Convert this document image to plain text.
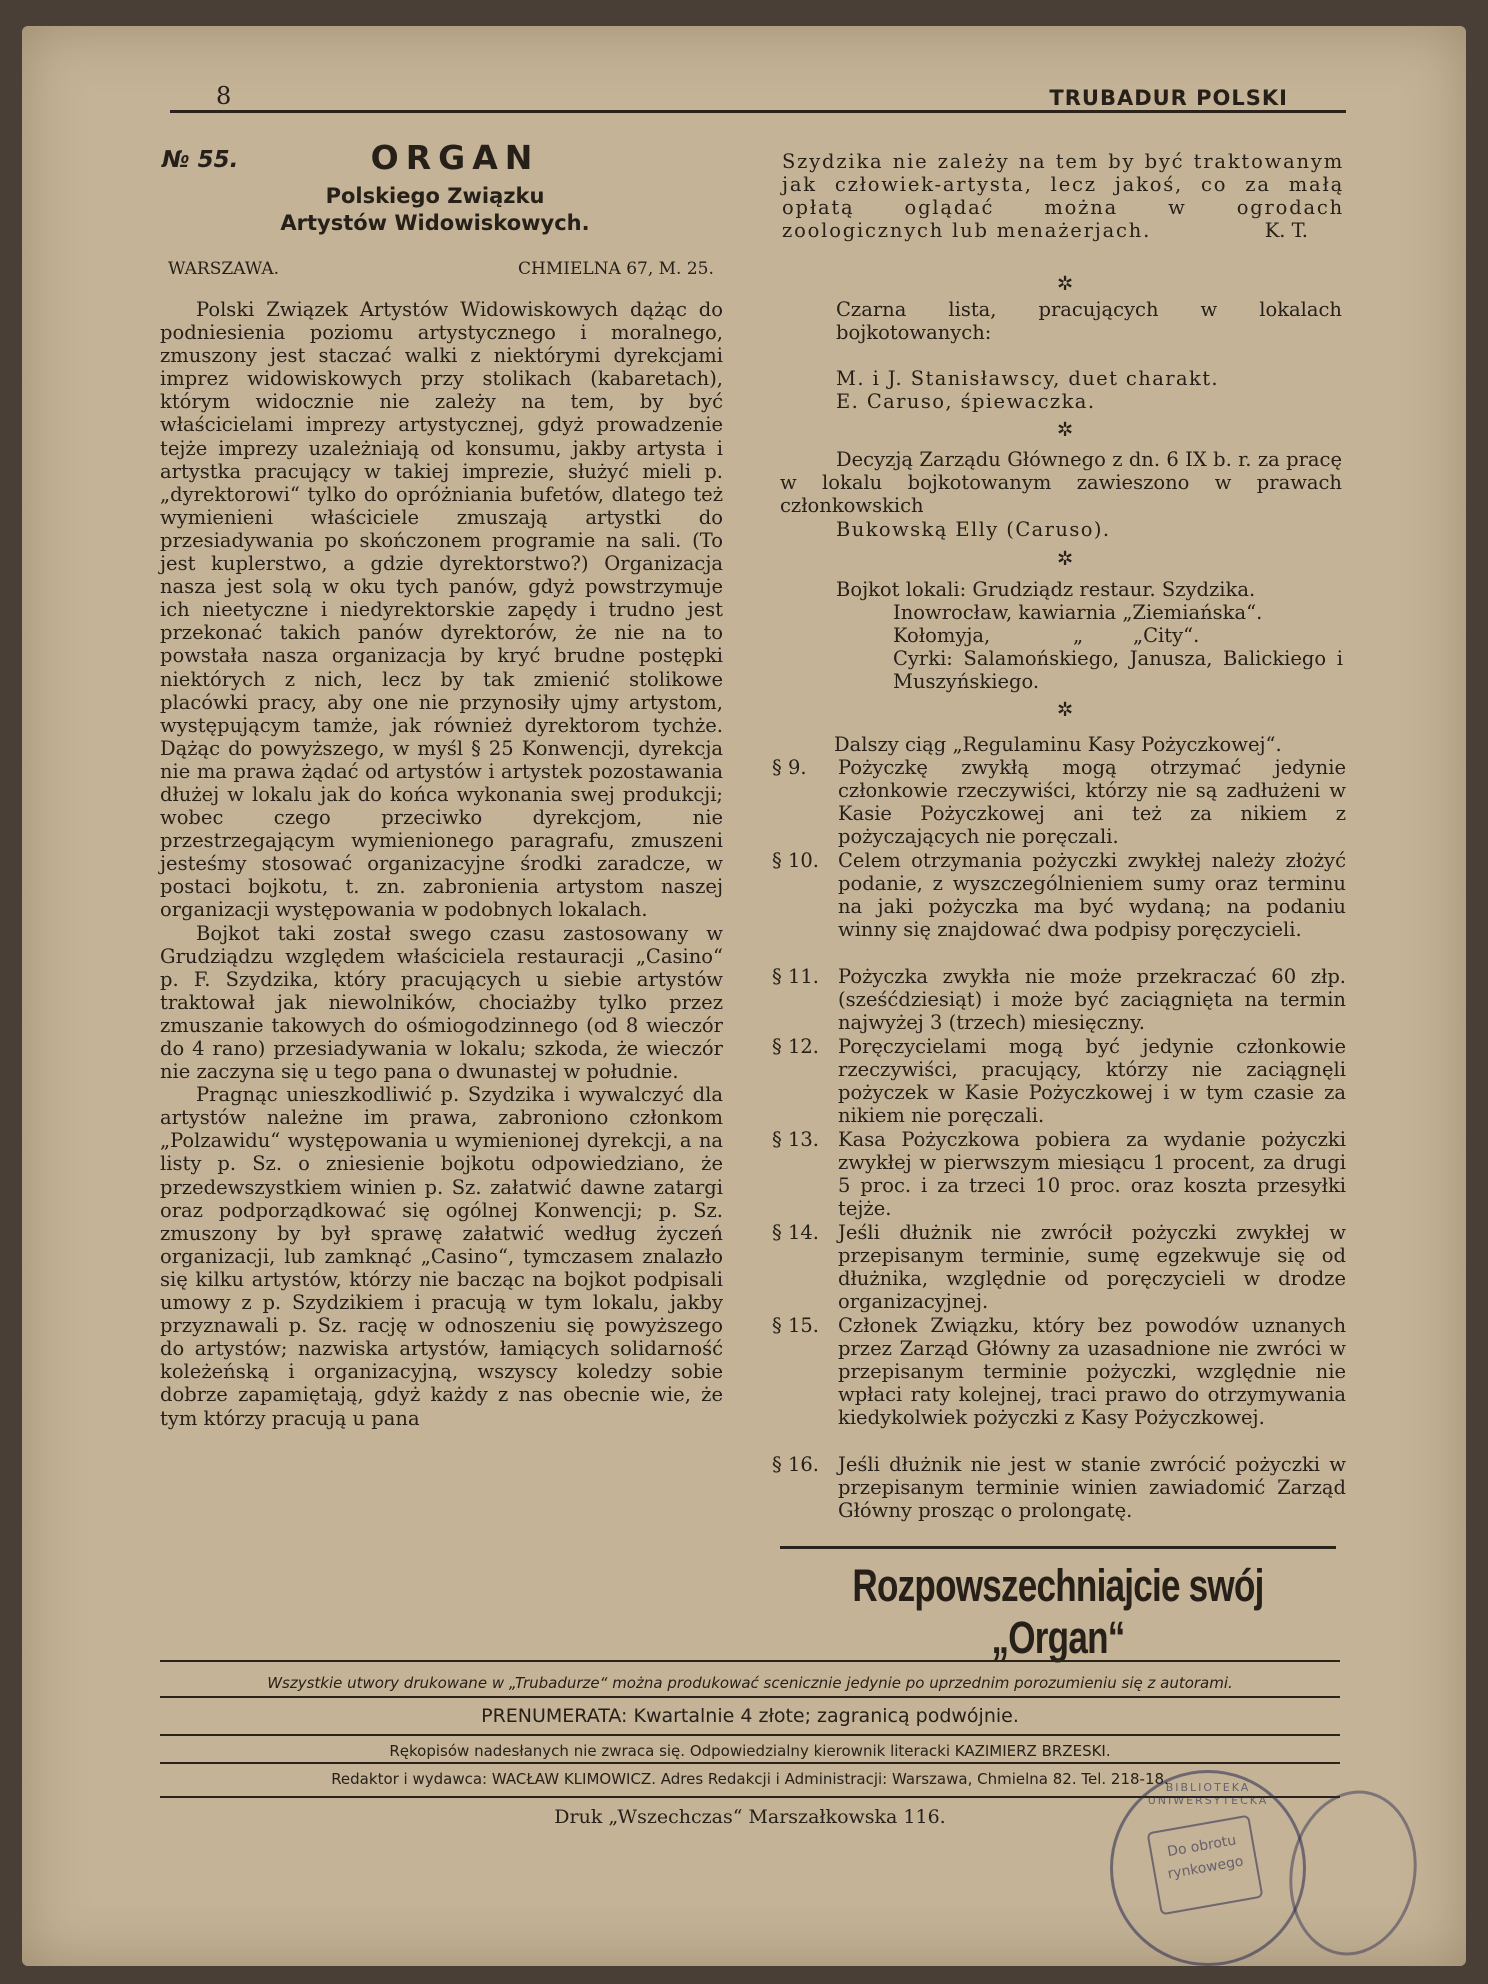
8	TRUBADUR POLSKI
№ 55.	ORGAN
Polskiego Związku
Artystów Widowiskowych.
WARSZAWA.	CHMIELNA 67, M. 25.

Polski Związek Artystów Widowiskowych dążąc do podniesienia poziomu artystycznego i moralnego, zmuszony jest staczać walki z niektórymi dyrekcjami imprez widowiskowych przy stolikach (kabaretach), którym widocznie nie zależy na tem, by być właścicielami imprezy artystycznej, gdyż prowadzenie tejże imprezy uzależniają od konsumu, jakby artysta i artystka pracujący w takiej imprezie, służyć mieli p. „dyrektorowi“ tylko do opróżniania bufetów, dlatego też wymienieni właściciele zmuszają artystki do przesiadywania po skończonem programie na sali. (To jest kuplerstwo, a gdzie dyrektorstwo?) Organizacja nasza jest solą w oku tych panów, gdyż powstrzymuje ich nieetyczne i niedyrektorskie zapędy i trudno jest przekonać takich panów dyrektorów, że nie na to powstała nasza organizacja by kryć brudne postępki niektórych z nich, lecz by tak zmienić stolikowe placówki pracy, aby one nie przynosiły ujmy artystom, występującym tamże, jak również dyrektorom tychże. Dążąc do powyższego, w myśl § 25 Konwencji, dyrekcja nie ma prawa żądać od artystów i artystek pozostawania dłużej w lokalu jak do końca wykonania swej produkcji; wobec czego przeciwko dyrekcjom, nie przestrzegającym wymienionego paragrafu, zmuszeni jesteśmy stosować organizacyjne środki zaradcze, w postaci bojkotu, t. zn. zabronienia artystom naszej organizacji występowania w podobnych lokalach.

Bojkot taki został swego czasu zastosowany w Grudziądzu względem właściciela restauracji „Casino“ p. F. Szydzika, który pracujących u siebie artystów traktował jak niewolników, chociażby tylko przez zmuszanie takowych do ośmiogodzinnego (od 8 wieczór do 4 rano) przesiadywania w lokalu; szkoda, że wieczór nie zaczyna się u tego pana o dwunastej w południe.

Pragnąc unieszkodliwić p. Szydzika i wywalczyć dla artystów należne im prawa, zabroniono członkom „Polzawidu“ występowania u wymienionej dyrekcji, a na listy p. Sz. o zniesienie bojkotu odpowiedziano, że przedewszystkiem winien p. Sz. załatwić dawne zatargi oraz podporządkować się ogólnej Konwencji; p. Sz. zmuszony by był sprawę załatwić według życzeń organizacji, lub zamknąć „Casino“, tymczasem znalazło się kilku artystów, którzy nie bacząc na bojkot podpisali umowy z p. Szydzikiem i pracują w tym lokalu, jakby przyznawali p. Sz. rację w odnoszeniu się powyższego do artystów; nazwiska artystów, łamiących solidarność koleżeńską i organizacyjną, wszyscy koledzy sobie dobrze zapamiętają, gdyż każdy z nas obecnie wie, że tym którzy pracują u pana

Szydzika nie zależy na tem by być traktowanym jak człowiek-artysta, lecz jakoś, co za małą opłatą oglądać można w ogrodach zoologicznych lub menażerjach.	K. T.
✲
Czarna lista, pracujących w lokalach bojkotowanych:
M. i J. Stanisławscy, duet charakt.
E. Caruso, śpiewaczka.
✲
Decyzją Zarządu Głównego z dn. 6 IX b. r. za pracę w lokalu bojkotowanym zawieszono w prawach członkowskich
Bukowską Elly (Caruso).
✲
Bojkot lokali: Grudziądz restaur. Szydzika.
Inowrocław, kawiarnia „Ziemiańska“.
Kołomyja,	„	„City“.
Cyrki: Salamońskiego, Janusza, Balickiego i Muszyńskiego.
✲
Dalszy ciąg „Regulaminu Kasy Pożyczkowej“.
§ 9.	Pożyczkę zwykłą mogą otrzymać jedynie członkowie rzeczywiści, którzy nie są zadłużeni w Kasie Pożyczkowej ani też za nikiem z pożyczających nie poręczali.
§ 10. Celem otrzymania pożyczki zwykłej należy złożyć podanie, z wyszczególnieniem sumy oraz terminu na jaki pożyczka ma być wydaną; na podaniu winny się znajdować dwa podpisy poręczycieli.
§ 11. Pożyczka zwykła nie może przekraczać 60 złp. (sześćdziesiąt) i może być zaciągnięta na termin najwyżej 3 (trzech) miesięczny.
§ 12. Poręczycielami mogą być jedynie członkowie rzeczywiści, pracujący, którzy nie zaciągnęli pożyczek w Kasie Pożyczkowej i w tym czasie za nikiem nie poręczali.
§ 13. Kasa Pożyczkowa pobiera za wydanie pożyczki zwykłej w pierwszym miesiącu 1 procent, za drugi 5 proc. i za trzeci 10 proc. oraz koszta przesyłki tejże.
§ 14. Jeśli dłużnik nie zwrócił pożyczki zwykłej w przepisanym terminie, sumę egzekwuje się od dłużnika, względnie od poręczycieli w drodze organizacyjnej.
§ 15. Członek Związku, który bez powodów uznanych przez Zarząd Główny za uzasadnione nie zwróci w przepisanym terminie pożyczki, względnie nie wpłaci raty kolejnej, traci prawo do otrzymywania kiedykolwiek pożyczki z Kasy Pożyczkowej.
§ 16. Jeśli dłużnik nie jest w stanie zwrócić pożyczki w przepisanym terminie winien zawiadomić Zarząd Główny prosząc o prolongatę.
Rozpowszechniajcie swój „Organ“
Wszystkie utwory drukowane w „Trubadurze“ można produkować scenicznie jedynie po uprzednim porozumieniu się z autorami.
PRENUMERATA: Kwartalnie 4 złote; zagranicą podwójnie.
Rękopisów nadesłanych nie zwraca się. Odpowiedzialny kierownik literacki KAZIMIERZ BRZESKI.
Redaktor i wydawca: WACŁAW KLIMOWICZ. Adres Redakcji i Administracji: Warszawa, Chmielna 82. Tel. 218-18.
Druk „Wszechczas“ Marszałkowska 116.
BIBLIOTEKA UNIWERSYTECKA
Do obrotu rynkowego
